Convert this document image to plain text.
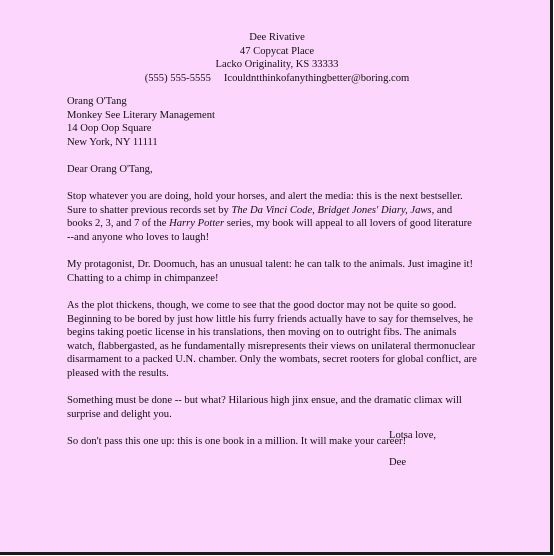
Dee Rivative
47 Copycat Place
Lacko Originality, KS 33333
(555) 555-5555 Icouldntthinkofanythingbetter@boring.com
Orang O'Tang
Monkey See Literary Management
14 Oop Oop Square
New York, NY 11111
Dear Orang O'Tang,
Stop whatever you are doing, hold your horses, and alert the media: this is the next bestseller.
Sure to shatter previous records set by The Da Vinci Code, Bridget Jones' Diary, Jaws, and
books 2, 3, and 7 of the Harry Potter series, my book will appeal to all lovers of good literature
--and anyone who loves to laugh!
My protagonist, Dr. Doomuch, has an unusual talent: he can talk to the animals. Just imagine it!
Chatting to a chimp in chimpanzee!
As the plot thickens, though, we come to see that the good doctor may not be quite so good.
Beginning to be bored by just how little his furry friends actually have to say for themselves, he
begins taking poetic license in his translations, then moving on to outright fibs. The animals
watch, flabbergasted, as he fundamentally misrepresents their views on unilateral thermonuclear
disarmament to a packed U.N. chamber. Only the wombats, secret rooters for global conflict, are
pleased with the results.
Something must be done -- but what? Hilarious high jinx ensue, and the dramatic climax will
surprise and delight you.
So don't pass this one up: this is one book in a million. It will make your career!
Lotsa love,
Dee
